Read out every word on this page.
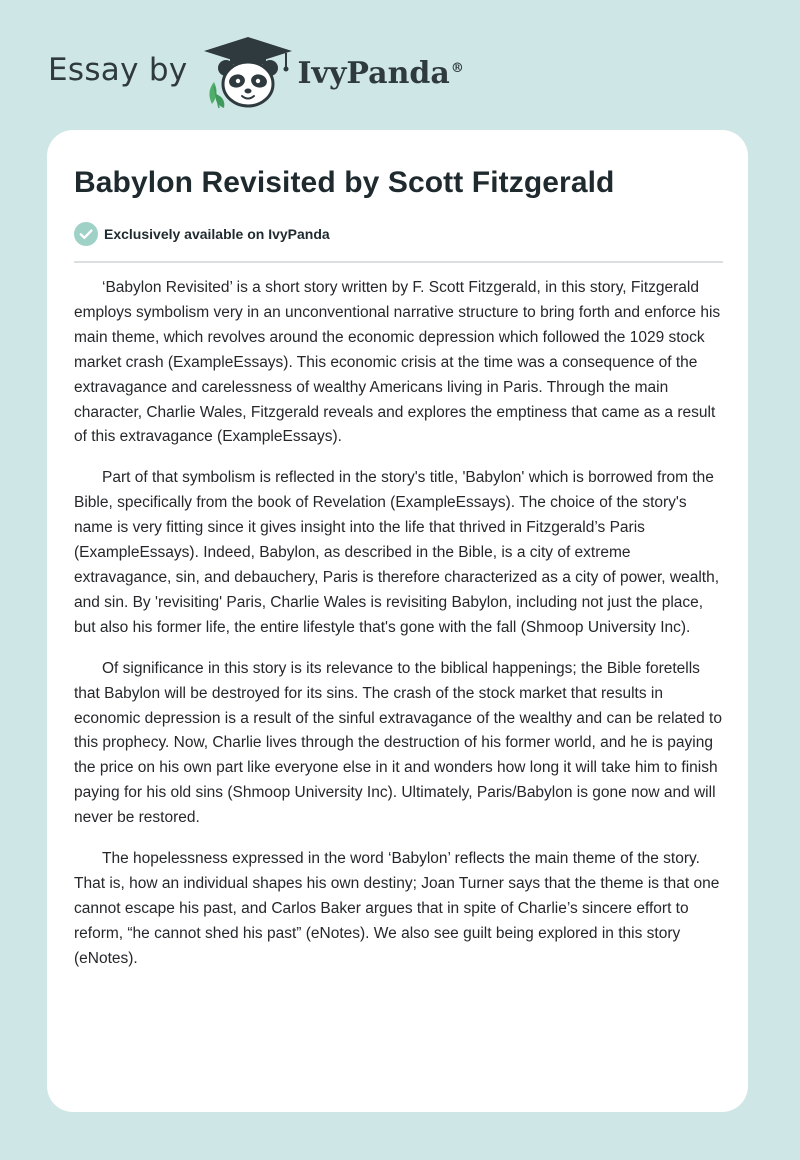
Essay by	IvyPanda®
Babylon Revisited by Scott Fitzgerald
Exclusively available on IvyPanda

‘Babylon Revisited’ is a short story written by F. Scott Fitzgerald, in this story, Fitzgerald employs symbolism very in an unconventional narrative structure to bring forth and enforce his main theme, which revolves around the economic depression which followed the 1029 stock market crash (ExampleEssays). This economic crisis at the time was a consequence of the extravagance and carelessness of wealthy Americans living in Paris. Through the main character, Charlie Wales, Fitzgerald reveals and explores the emptiness that came as a result of this extravagance (ExampleEssays).

Part of that symbolism is reflected in the story's title, 'Babylon' which is borrowed from the Bible, specifically from the book of Revelation (ExampleEssays). The choice of the story's name is very fitting since it gives insight into the life that thrived in Fitzgerald’s Paris (ExampleEssays). Indeed, Babylon, as described in the Bible, is a city of extreme extravagance, sin, and debauchery, Paris is therefore characterized as a city of power, wealth, and sin. By 'revisiting' Paris, Charlie Wales is revisiting Babylon, including not just the place, but also his former life, the entire lifestyle that's gone with the fall (Shmoop University Inc).

Of significance in this story is its relevance to the biblical happenings; the Bible foretells that Babylon will be destroyed for its sins. The crash of the stock market that results in economic depression is a result of the sinful extravagance of the wealthy and can be related to this prophecy. Now, Charlie lives through the destruction of his former world, and he is paying the price on his own part like everyone else in it and wonders how long it will take him to finish paying for his old sins (Shmoop University Inc). Ultimately, Paris/Babylon is gone now and will never be restored.

The hopelessness expressed in the word ‘Babylon’ reflects the main theme of the story. That is, how an individual shapes his own destiny; Joan Turner says that the theme is that one cannot escape his past, and Carlos Baker argues that in spite of Charlie’s sincere effort to reform, “he cannot shed his past” (eNotes). We also see guilt being explored in this story (eNotes).
